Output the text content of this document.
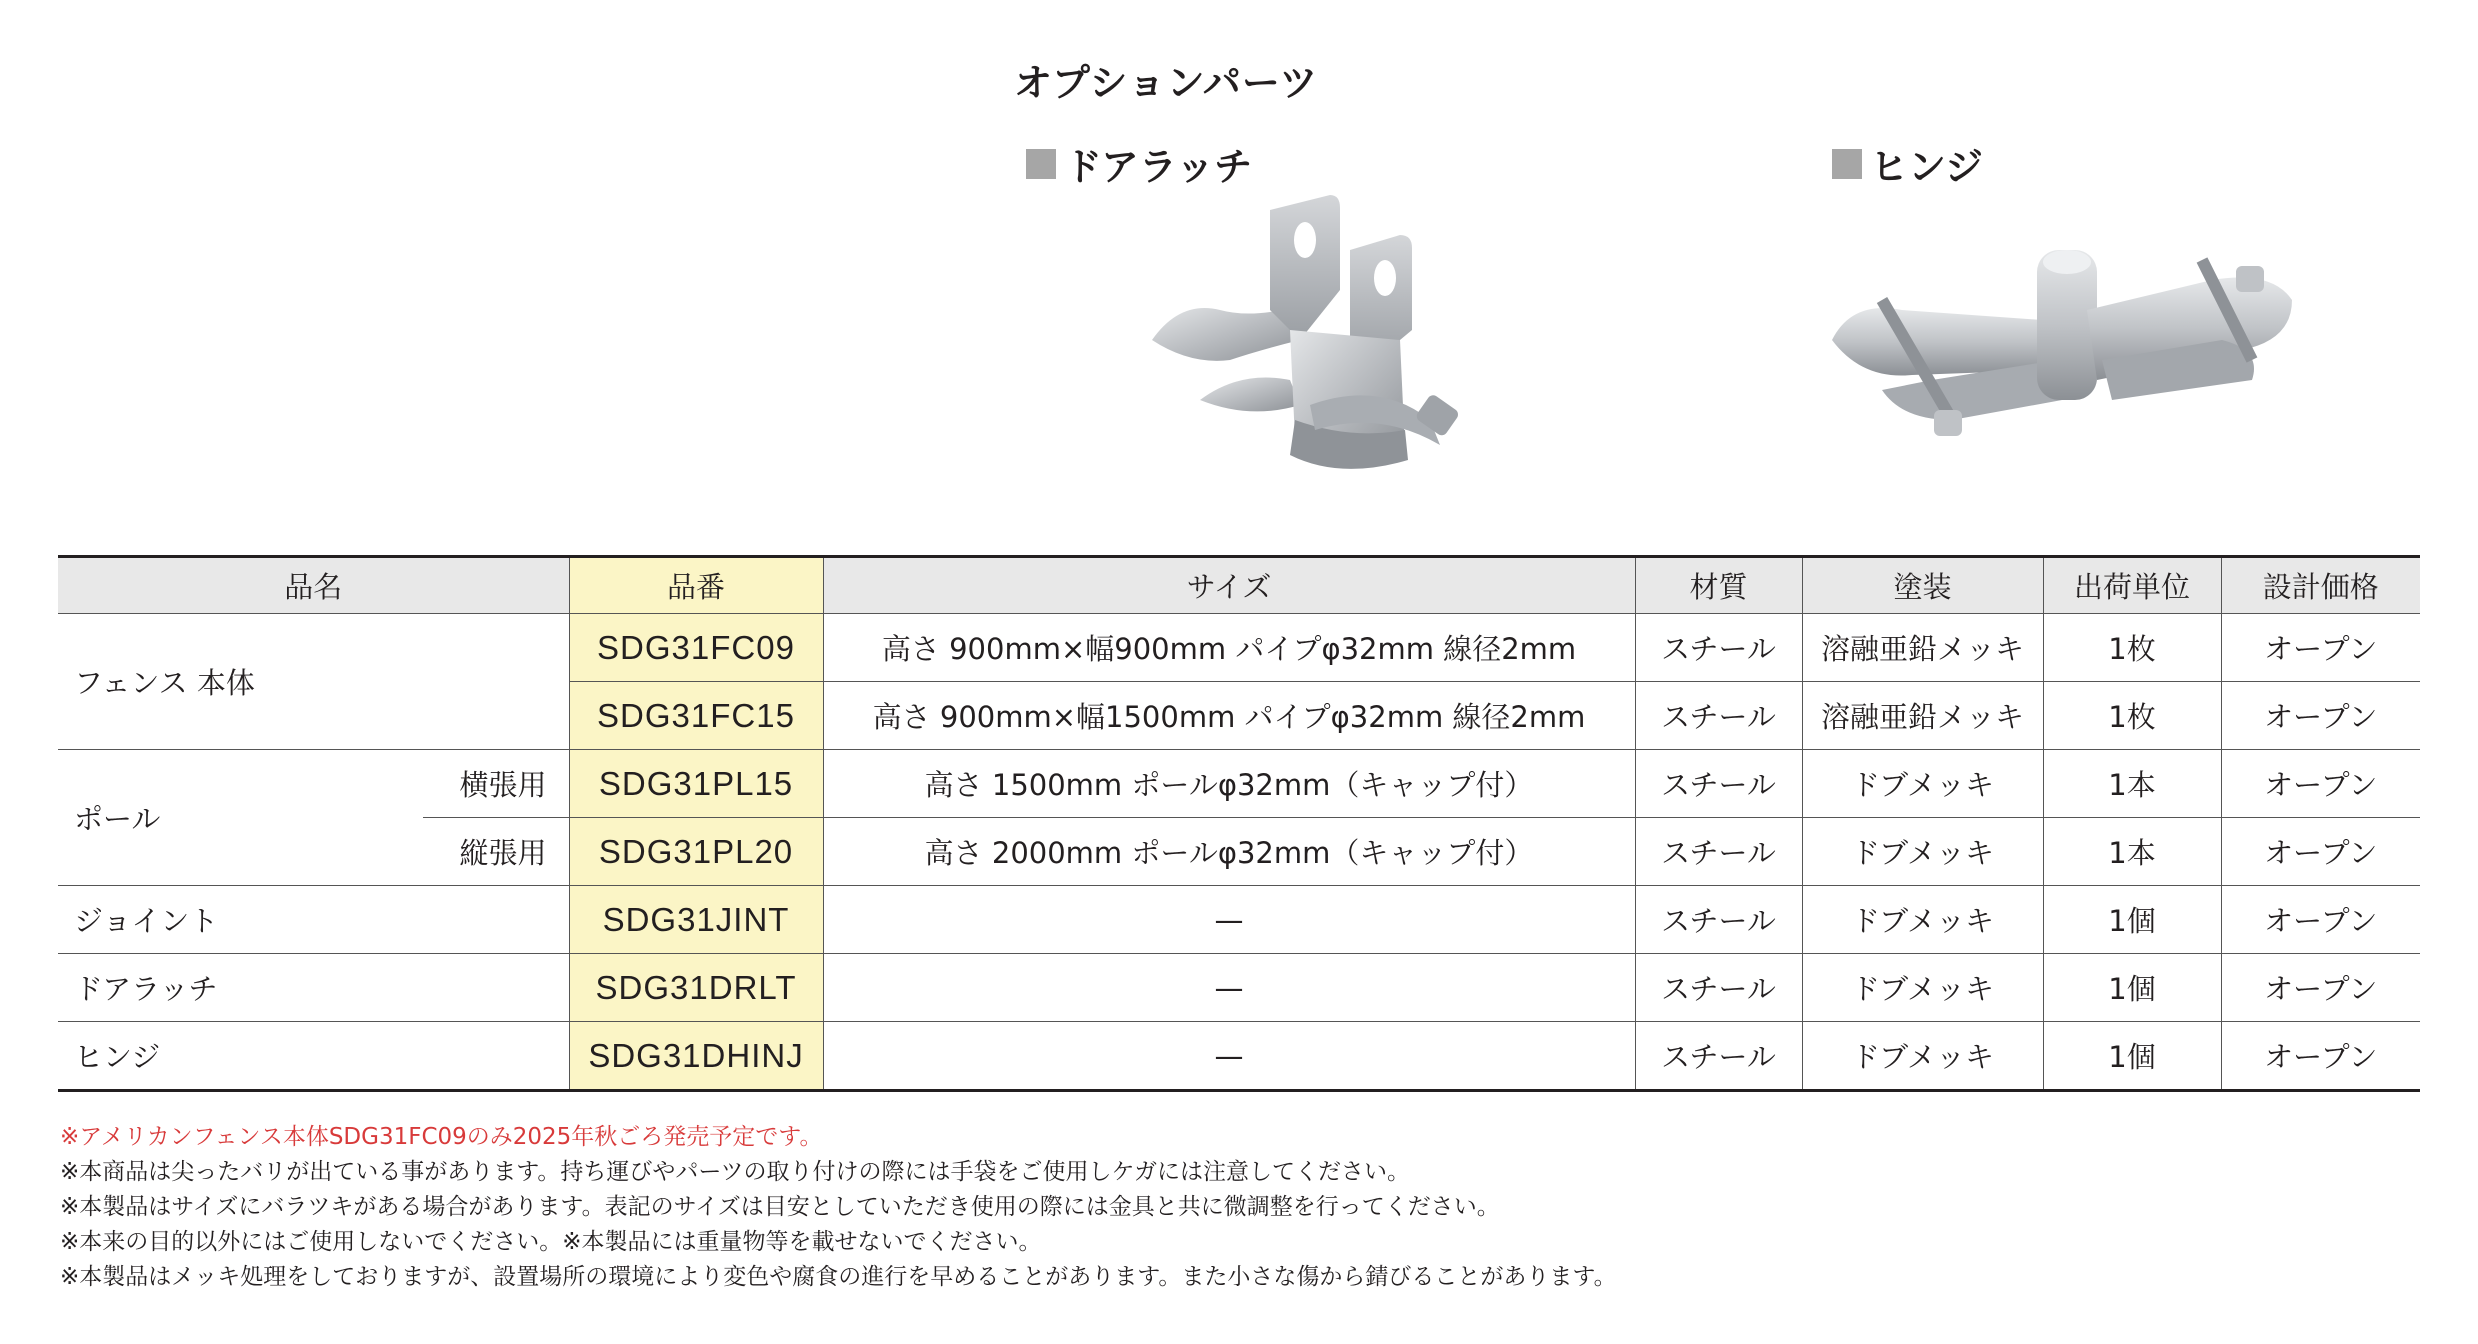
オプションパーツ
ドアラッチ	ヒンジ
品名		品番	サイズ	材質	塗装	出荷単位	設計価格
フェンス 本体		SDG31FC09	高さ 900mm×幅900mm パイプφ32mm 線径2mm	スチール	溶融亜鉛メッキ	1枚	オープン
		SDG31FC15	高さ 900mm×幅1500mm パイプφ32mm 線径2mm	スチール	溶融亜鉛メッキ	1枚	オープン
ポール	横張用	SDG31PL15	高さ 1500mm ポールφ32mm（キャップ付）	スチール	ドブメッキ	1本	オープン
	縦張用	SDG31PL20	高さ 2000mm ポールφ32mm（キャップ付）	スチール	ドブメッキ	1本	オープン
ジョイント		SDG31JINT	—	スチール	ドブメッキ	1個	オープン
ドアラッチ		SDG31DRLT	—	スチール	ドブメッキ	1個	オープン
ヒンジ		SDG31DHINJ	—	スチール	ドブメッキ	1個	オープン
※アメリカンフェンス本体SDG31FC09のみ2025年秋ごろ発売予定です。
※本商品は尖ったバリが出ている事があります。持ち運びやパーツの取り付けの際には手袋をご使用しケガには注意してください。
※本製品はサイズにバラツキがある場合があります。表記のサイズは目安としていただき使用の際には金具と共に微調整を行ってください。
※本来の目的以外にはご使用しないでください。※本製品には重量物等を載せないでください。
※本製品はメッキ処理をしておりますが、設置場所の環境により変色や腐食の進行を早めることがあります。また小さな傷から錆びることがあります。
